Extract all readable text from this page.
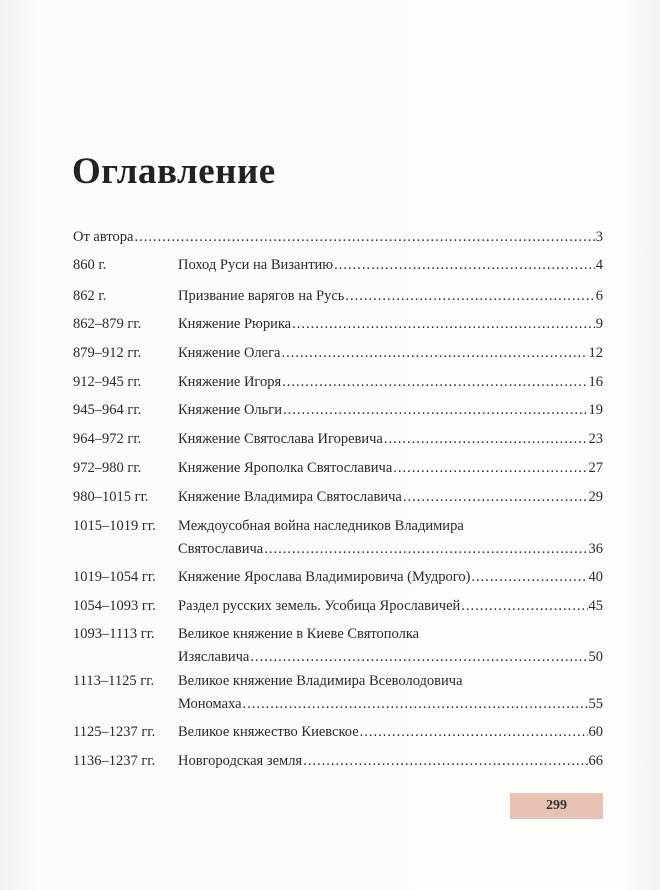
Оглавление
От автора .....	3
860 г.	Поход Руси на Византию .....	4
862 г.	Призвание варягов на Русь .....	6
862–879 гг.	Княжение Рюрика .....	9
879–912 гг.	Княжение Олега .....	12
912–945 гг.	Княжение Игоря .....	16
945–964 гг.	Княжение Ольги .....	19
964–972 гг.	Княжение Святослава Игоревича .....	23
972–980 гг.	Княжение Ярополка Святославича .....	27
980–1015 гг. Княжение Владимира Святославича .....	29
1015–1019 гг. Междоусобная война наследников Владимира
Святославича .....	36
1019–1054 гг. Княжение Ярослава Владимировича (Мудрого) .....	40
1054–1093 гг. Раздел русских земель. Усобица Ярославичей .....	45
1093–1113 гг. Великое княжение в Киеве Святополка
Изяславича .....	50
1113–1125 гг. Великое княжение Владимира Всеволодовича
Мономаха .....	55
1125–1237 гг. Великое княжество Киевское .....	60
1136–1237 гг. Новгородская земля .....	66
299
